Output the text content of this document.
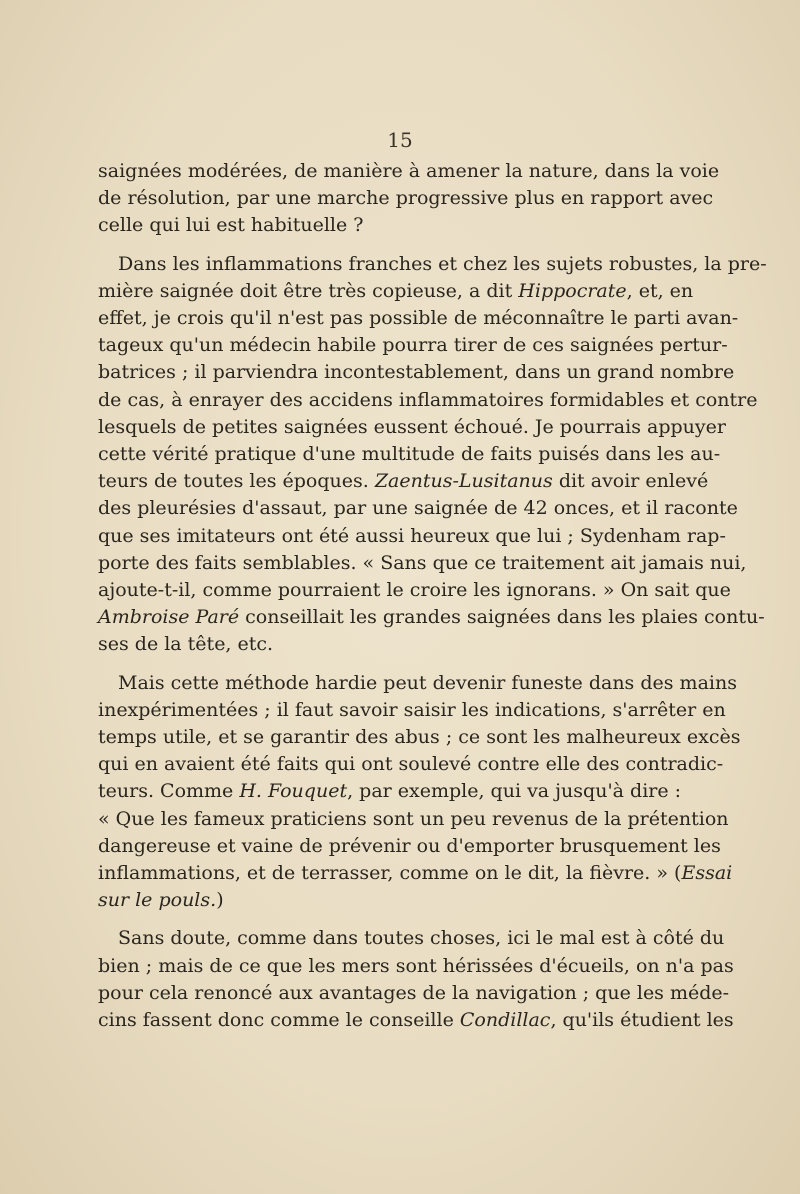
15

saignées modérées, de manière à amener la nature, dans la voie
de résolution, par une marche progressive plus en rapport avec
celle qui lui est habituelle ?

Dans les inflammations franches et chez les sujets robustes, la pre-
mière saignée doit être très copieuse, a dit Hippocrate, et, en
effet, je crois qu'il n'est pas possible de méconnaître le parti avan-
tageux qu'un médecin habile pourra tirer de ces saignées pertur-
batrices ; il parviendra incontestablement, dans un grand nombre
de cas, à enrayer des accidens inflammatoires formidables et contre
lesquels de petites saignées eussent échoué. Je pourrais appuyer
cette vérité pratique d'une multitude de faits puisés dans les au-
teurs de toutes les époques. Zaentus-Lusitanus dit avoir enlevé
des pleurésies d'assaut, par une saignée de 42 onces, et il raconte
que ses imitateurs ont été aussi heureux que lui ; Sydenham rap-
porte des faits semblables. « Sans que ce traitement ait jamais nui,
ajoute-t-il, comme pourraient le croire les ignorans. » On sait que
Ambroise Paré conseillait les grandes saignées dans les plaies contu-
ses de la tête, etc.

Mais cette méthode hardie peut devenir funeste dans des mains
inexpérimentées ; il faut savoir saisir les indications, s'arrêter en
temps utile, et se garantir des abus ; ce sont les malheureux excès
qui en avaient été faits qui ont soulevé contre elle des contradic-
teurs. Comme H. Fouquet, par exemple, qui va jusqu'à dire :
« Que les fameux praticiens sont un peu revenus de la prétention
dangereuse et vaine de prévenir ou d'emporter brusquement les
inflammations, et de terrasser, comme on le dit, la fièvre. » (Essai
sur le pouls.)

Sans doute, comme dans toutes choses, ici le mal est à côté du
bien ; mais de ce que les mers sont hérissées d'écueils, on n'a pas
pour cela renoncé aux avantages de la navigation ; que les méde-
cins fassent donc comme le conseille Condillac, qu'ils étudient les
